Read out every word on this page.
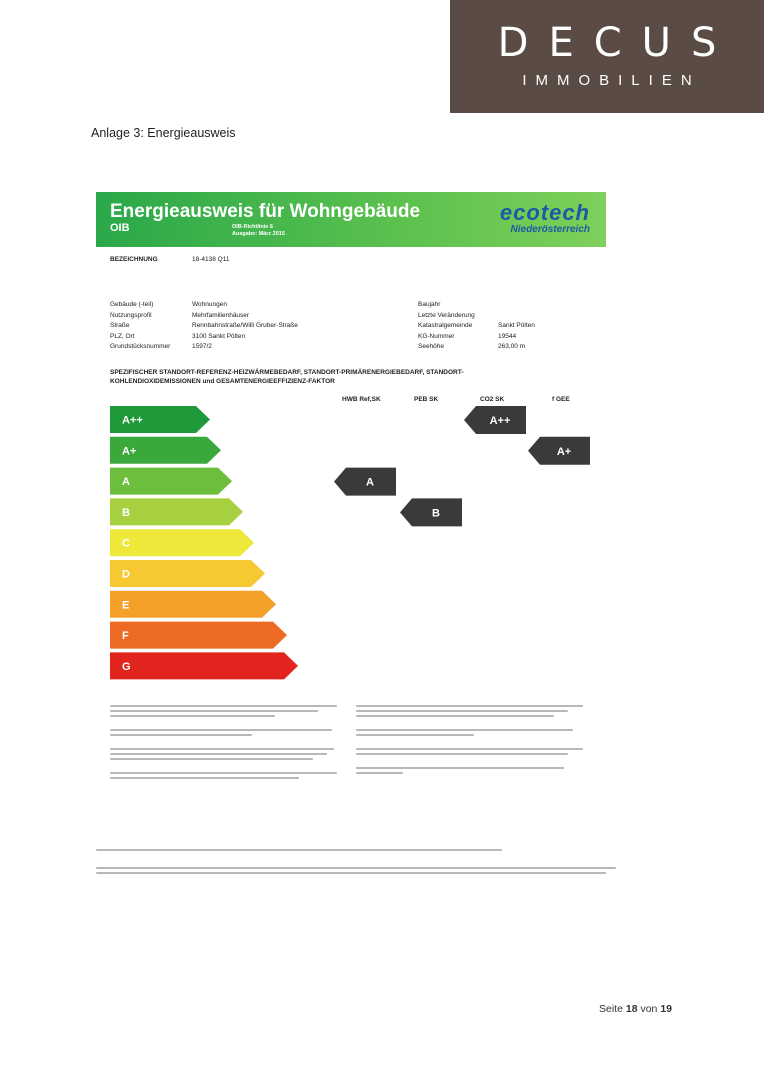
DECUS
IMMOBILIEN
Anlage 3: Energieausweis
Energieausweis für Wohngebäude
OIB	OIB-Richtlinie 6
Ausgabe: März 2015
ecotech
Niederösterreich
BEZEICHNUNG	18-4138 Q11
Gebäude (-teil)	Wohnungen
Nutzungsprofil	Mehrfamilienhäuser
Straße	Rennbahnstraße/Willi Gruber-Straße
PLZ, Ort	3100 Sankt Pölten
Grundstücksnummer	1597/2
Baujahr
Letzte Veränderung
Katastralgemeinde	Sankt Pölten
KG-Nummer	19544
Seehöhe	263,00 m
SPEZIFISCHER STANDORT-REFERENZ-HEIZWÄRMEBEDARF, STANDORT-PRIMÄRENERGIEBEDARF, STANDORT-KOHLENDIOXIDEMISSIONEN und GESAMTENERGIEEFFIZIENZ-FAKTOR
HWB Ref,SK	PEB SK	CO2 SK	f GEE
A++
A+
A
B
C
D
E
F
G
A
B
A++
A+
Seite 18 von 19
